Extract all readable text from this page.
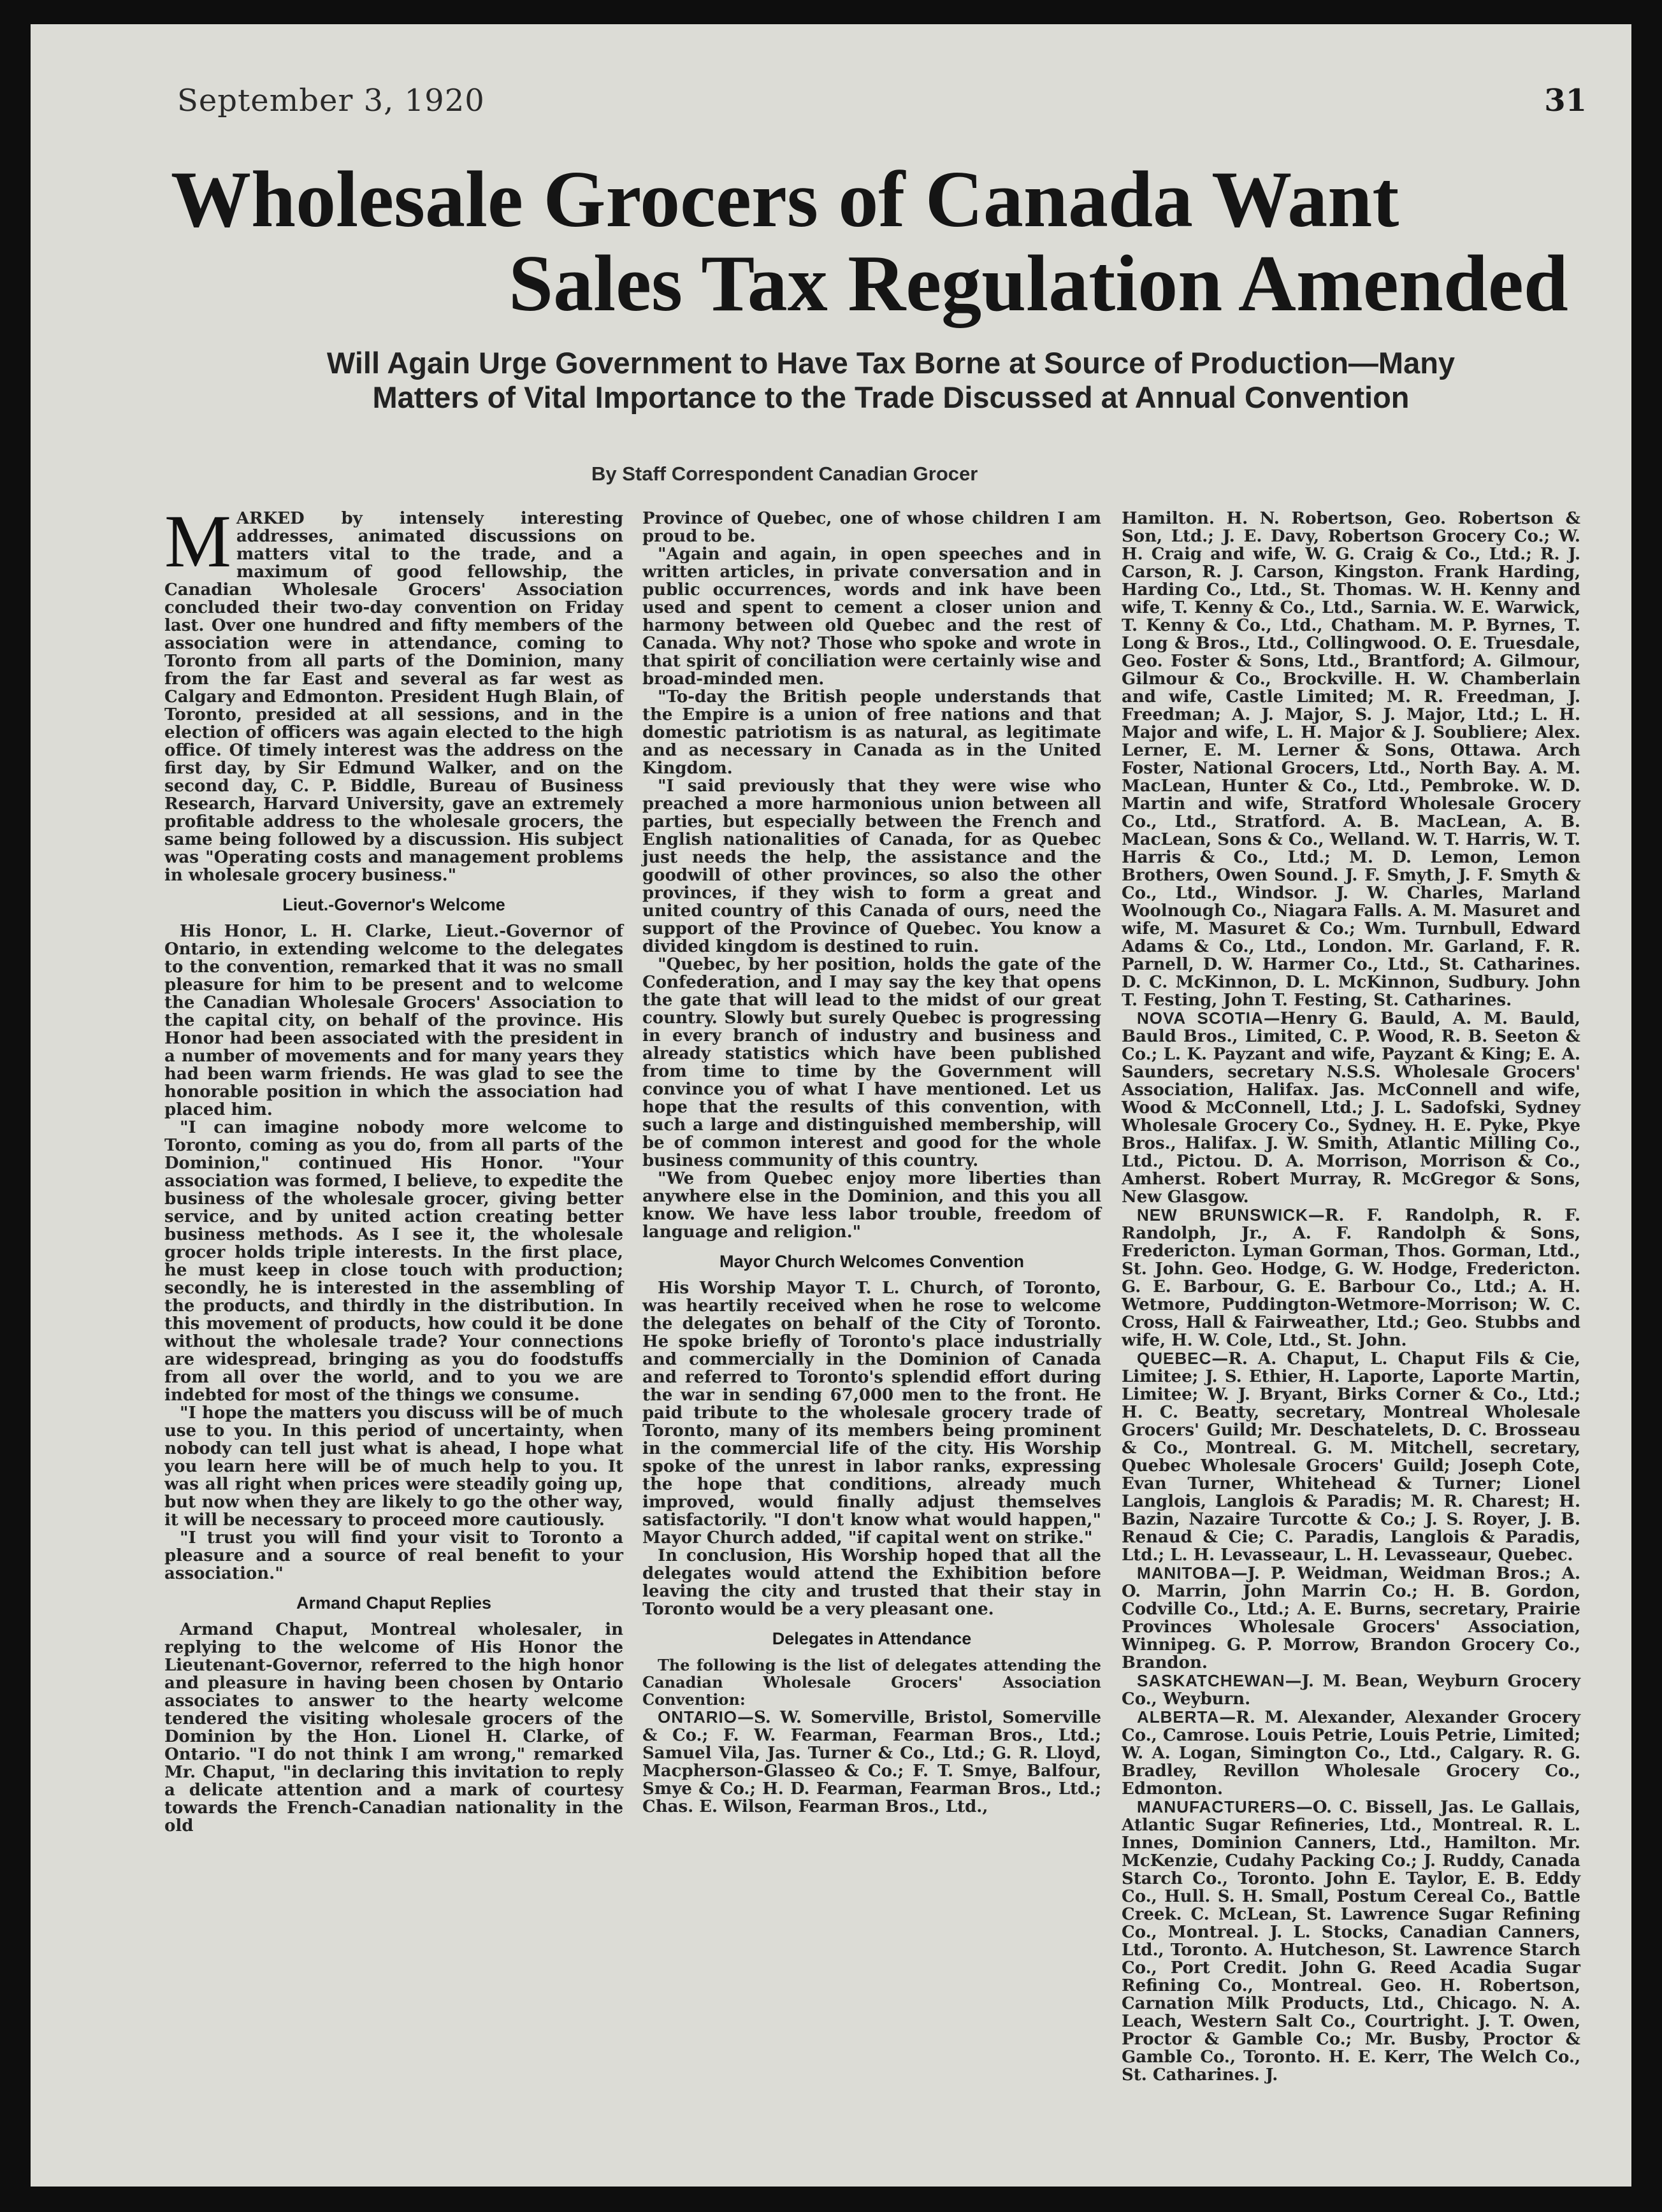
September 3, 1920	31
Wholesale Grocers of Canada Want
Sales Tax Regulation Amended
Will Again Urge Government to Have Tax Borne at Source of Production—Many Matters of Vital Importance to the Trade Discussed at Annual Convention
By Staff Correspondent Canadian Grocer

MARKED by intensely interesting addresses, animated discussions on matters vital to the trade, and a maximum of good fellowship, the Canadian Wholesale Grocers' Association concluded their two-day convention on Friday last. Over one hundred and fifty members of the association were in attendance, coming to Toronto from all parts of the Dominion, many from the far East and several as far west as Calgary and Edmonton. President Hugh Blain, of Toronto, presided at all sessions, and in the election of officers was again elected to the high office. Of timely interest was the address on the first day, by Sir Edmund Walker, and on the second day, C. P. Biddle, Bureau of Business Research, Harvard University, gave an extremely profitable address to the wholesale grocers, the same being followed by a discussion. His subject was "Operating costs and management problems in wholesale grocery business."

Lieut.-Governor's Welcome

His Honor, L. H. Clarke, Lieut.-Governor of Ontario, in extending welcome to the delegates to the convention, remarked that it was no small pleasure for him to be present and to welcome the Canadian Wholesale Grocers' Association to the capital city, on behalf of the province. His Honor had been associated with the president in a number of movements and for many years they had been warm friends. He was glad to see the honorable position in which the association had placed him.

"I can imagine nobody more welcome to Toronto, coming as you do, from all parts of the Dominion," continued His Honor. "Your association was formed, I believe, to expedite the business of the wholesale grocer, giving better service, and by united action creating better business methods. As I see it, the wholesale grocer holds triple interests. In the first place, he must keep in close touch with production; secondly, he is interested in the assembling of the products, and thirdly in the distribution. In this movement of products, how could it be done without the wholesale trade? Your connections are widespread, bringing as you do foodstuffs from all over the world, and to you we are indebted for most of the things we consume.

"I hope the matters you discuss will be of much use to you. In this period of uncertainty, when nobody can tell just what is ahead, I hope what you learn here will be of much help to you. It was all right when prices were steadily going up, but now when they are likely to go the other way, it will be necessary to proceed more cautiously.

"I trust you will find your visit to Toronto a pleasure and a source of real benefit to your association."

Armand Chaput Replies

Armand Chaput, Montreal wholesaler, in replying to the welcome of His Honor the Lieutenant-Governor, referred to the high honor and pleasure in having been chosen by Ontario associates to answer to the hearty welcome tendered the visiting wholesale grocers of the Dominion by the Hon. Lionel H. Clarke, of Ontario. "I do not think I am wrong," remarked Mr. Chaput, "in declaring this invitation to reply a delicate attention and a mark of courtesy towards the French-Canadian nationality in the old

Province of Quebec, one of whose children I am proud to be.

"Again and again, in open speeches and in written articles, in private conversation and in public occurrences, words and ink have been used and spent to cement a closer union and harmony between old Quebec and the rest of Canada. Why not? Those who spoke and wrote in that spirit of conciliation were certainly wise and broad-minded men.

"To-day the British people understands that the Empire is a union of free nations and that domestic patriotism is as natural, as legitimate and as necessary in Canada as in the United Kingdom.

"I said previously that they were wise who preached a more harmonious union between all parties, but especially between the French and English nationalities of Canada, for as Quebec just needs the help, the assistance and the goodwill of other provinces, so also the other provinces, if they wish to form a great and united country of this Canada of ours, need the support of the Province of Quebec. You know a divided kingdom is destined to ruin.

"Quebec, by her position, holds the gate of the Confederation, and I may say the key that opens the gate that will lead to the midst of our great country. Slowly but surely Quebec is progressing in every branch of industry and business and already statistics which have been published from time to time by the Government will convince you of what I have mentioned. Let us hope that the results of this convention, with such a large and distinguished membership, will be of common interest and good for the whole business community of this country.

"We from Quebec enjoy more liberties than anywhere else in the Dominion, and this you all know. We have less labor trouble, freedom of language and religion."

Mayor Church Welcomes Convention

His Worship Mayor T. L. Church, of Toronto, was heartily received when he rose to welcome the delegates on behalf of the City of Toronto. He spoke briefly of Toronto's place industrially and commercially in the Dominion of Canada and referred to Toronto's splendid effort during the war in sending 67,000 men to the front. He paid tribute to the wholesale grocery trade of Toronto, many of its members being prominent in the commercial life of the city. His Worship spoke of the unrest in labor ranks, expressing the hope that conditions, already much improved, would finally adjust themselves satisfactorily. "I don't know what would happen," Mayor Church added, "if capital went on strike."

In conclusion, His Worship hoped that all the delegates would attend the Exhibition before leaving the city and trusted that their stay in Toronto would be a very pleasant one.

Delegates in Attendance

The following is the list of delegates attending the Canadian Wholesale Grocers' Association Convention:

ONTARIO—S. W. Somerville, Bristol, Somerville & Co.; F. W. Fearman, Fearman Bros., Ltd.; Samuel Vila, Jas. Turner & Co., Ltd.; G. R. Lloyd, Macpherson-Glasseo & Co.; F. T. Smye, Balfour, Smye & Co.; H. D. Fearman, Fearman Bros., Ltd.; Chas. E. Wilson, Fearman Bros., Ltd.,

Hamilton. H. N. Robertson, Geo. Robertson & Son, Ltd.; J. E. Davy, Robertson Grocery Co.; W. H. Craig and wife, W. G. Craig & Co., Ltd.; R. J. Carson, R. J. Carson, Kingston. Frank Harding, Harding Co., Ltd., St. Thomas. W. H. Kenny and wife, T. Kenny & Co., Ltd., Sarnia. W. E. Warwick, T. Kenny & Co., Ltd., Chatham. M. P. Byrnes, T. Long & Bros., Ltd., Collingwood. O. E. Truesdale, Geo. Foster & Sons, Ltd., Brantford; A. Gilmour, Gilmour & Co., Brockville. H. W. Chamberlain and wife, Castle Limited; M. R. Freedman, J. Freedman; A. J. Major, S. J. Major, Ltd.; L. H. Major and wife, L. H. Major & J. Soubliere; Alex. Lerner, E. M. Lerner & Sons, Ottawa. Arch Foster, National Grocers, Ltd., North Bay. A. M. MacLean, Hunter & Co., Ltd., Pembroke. W. D. Martin and wife, Stratford Wholesale Grocery Co., Ltd., Stratford. A. B. MacLean, A. B. MacLean, Sons & Co., Welland. W. T. Harris, W. T. Harris & Co., Ltd.; M. D. Lemon, Lemon Brothers, Owen Sound. J. F. Smyth, J. F. Smyth & Co., Ltd., Windsor. J. W. Charles, Marland Woolnough Co., Niagara Falls. A. M. Masuret and wife, M. Masuret & Co.; Wm. Turnbull, Edward Adams & Co., Ltd., London. Mr. Garland, F. R. Parnell, D. W. Harmer Co., Ltd., St. Catharines. D. C. McKinnon, D. L. McKinnon, Sudbury. John T. Festing, John T. Festing, St. Catharines.

NOVA SCOTIA—Henry G. Bauld, A. M. Bauld, Bauld Bros., Limited, C. P. Wood, R. B. Seeton & Co.; L. K. Payzant and wife, Payzant & King; E. A. Saunders, secretary N.S.S. Wholesale Grocers' Association, Halifax. Jas. McConnell and wife, Wood & McConnell, Ltd.; J. L. Sadofski, Sydney Wholesale Grocery Co., Sydney. H. E. Pyke, Pkye Bros., Halifax. J. W. Smith, Atlantic Milling Co., Ltd., Pictou. D. A. Morrison, Morrison & Co., Amherst. Robert Murray, R. McGregor & Sons, New Glasgow.

NEW BRUNSWICK—R. F. Randolph, R. F. Randolph, Jr., A. F. Randolph & Sons, Fredericton. Lyman Gorman, Thos. Gorman, Ltd., St. John. Geo. Hodge, G. W. Hodge, Fredericton. G. E. Barbour, G. E. Barbour Co., Ltd.; A. H. Wetmore, Puddington-Wetmore-Morrison; W. C. Cross, Hall & Fairweather, Ltd.; Geo. Stubbs and wife, H. W. Cole, Ltd., St. John.

QUEBEC—R. A. Chaput, L. Chaput Fils & Cie, Limitee; J. S. Ethier, H. Laporte, Laporte Martin, Limitee; W. J. Bryant, Birks Corner & Co., Ltd.; H. C. Beatty, secretary, Montreal Wholesale Grocers' Guild; Mr. Deschatelets, D. C. Brosseau & Co., Montreal. G. M. Mitchell, secretary, Quebec Wholesale Grocers' Guild; Joseph Cote, Evan Turner, Whitehead & Turner; Lionel Langlois, Langlois & Paradis; M. R. Charest; H. Bazin, Nazaire Turcotte & Co.; J. S. Royer, J. B. Renaud & Cie; C. Paradis, Langlois & Paradis, Ltd.; L. H. Levasseaur, L. H. Levasseaur, Quebec.

MANITOBA—J. P. Weidman, Weidman Bros.; A. O. Marrin, John Marrin Co.; H. B. Gordon, Codville Co., Ltd.; A. E. Burns, secretary, Prairie Provinces Wholesale Grocers' Association, Winnipeg. G. P. Morrow, Brandon Grocery Co., Brandon.

SASKATCHEWAN—J. M. Bean, Weyburn Grocery Co., Weyburn.

ALBERTA—R. M. Alexander, Alexander Grocery Co., Camrose. Louis Petrie, Louis Petrie, Limited; W. A. Logan, Simington Co., Ltd., Calgary. R. G. Bradley, Revillon Wholesale Grocery Co., Edmonton.

MANUFACTURERS—O. C. Bissell, Jas. Le Gallais, Atlantic Sugar Refineries, Ltd., Montreal. R. L. Innes, Dominion Canners, Ltd., Hamilton. Mr. McKenzie, Cudahy Packing Co.; J. Ruddy, Canada Starch Co., Toronto. John E. Taylor, E. B. Eddy Co., Hull. S. H. Small, Postum Cereal Co., Battle Creek. C. McLean, St. Lawrence Sugar Refining Co., Montreal. J. L. Stocks, Canadian Canners, Ltd., Toronto. A. Hutcheson, St. Lawrence Starch Co., Port Credit. John G. Reed Acadia Sugar Refining Co., Montreal. Geo. H. Robertson, Carnation Milk Products, Ltd., Chicago. N. A. Leach, Western Salt Co., Courtright. J. T. Owen, Proctor & Gamble Co.; Mr. Busby, Proctor & Gamble Co., Toronto. H. E. Kerr, The Welch Co., St. Catharines. J.
